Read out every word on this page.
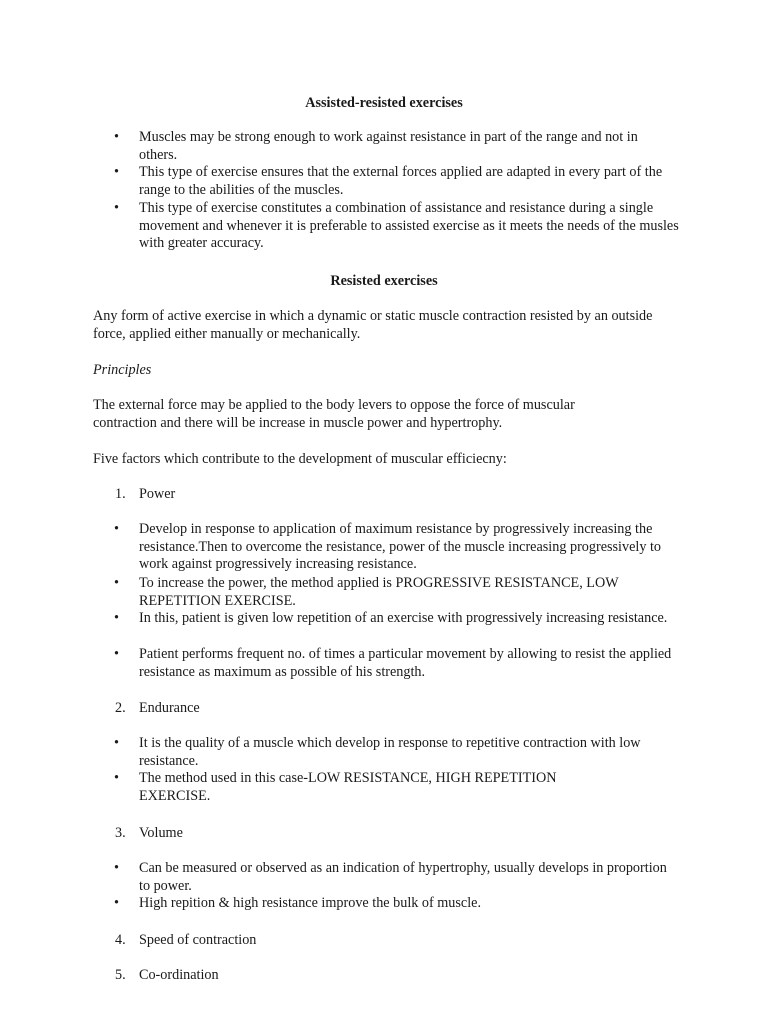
Assisted-resisted exercises
• Muscles may be strong enough to work against resistance in part of the range and not in others.
• This type of exercise ensures that the external forces applied are adapted in every part of the range to the abilities of the muscles.
• This type of exercise constitutes a combination of assistance and resistance during a single movement and whenever it is preferable to assisted exercise as it meets the needs of the musles with greater accuracy.
Resisted exercises
Any form of active exercise in which a dynamic or static muscle contraction resisted by an outside force, applied either manually or mechanically.
Principles
The external force may be applied to the body levers to oppose the force of muscular contraction and there will be increase in muscle power and hypertrophy.
Five factors which contribute to the development of muscular efficiecny:
1. Power
• Develop in response to application of maximum resistance by progressively increasing the resistance.Then to overcome the resistance, power of the muscle increasing progressively to work against progressively increasing resistance.
• To increase the power, the method applied is PROGRESSIVE RESISTANCE, LOW REPETITION EXERCISE.
• In this, patient is given low repetition of an exercise with progressively increasing resistance.
• Patient performs frequent no. of times a particular movement by allowing to resist the applied resistance as maximum as possible of his strength.
2. Endurance
• It is the quality of a muscle which develop in response to repetitive contraction with low resistance.
• The method used in this case-LOW RESISTANCE, HIGH REPETITION EXERCISE.
3. Volume
• Can be measured or observed as an indication of hypertrophy, usually develops in proportion to power.
• High repition & high resistance improve the bulk of muscle.
4. Speed of contraction
5. Co-ordination
